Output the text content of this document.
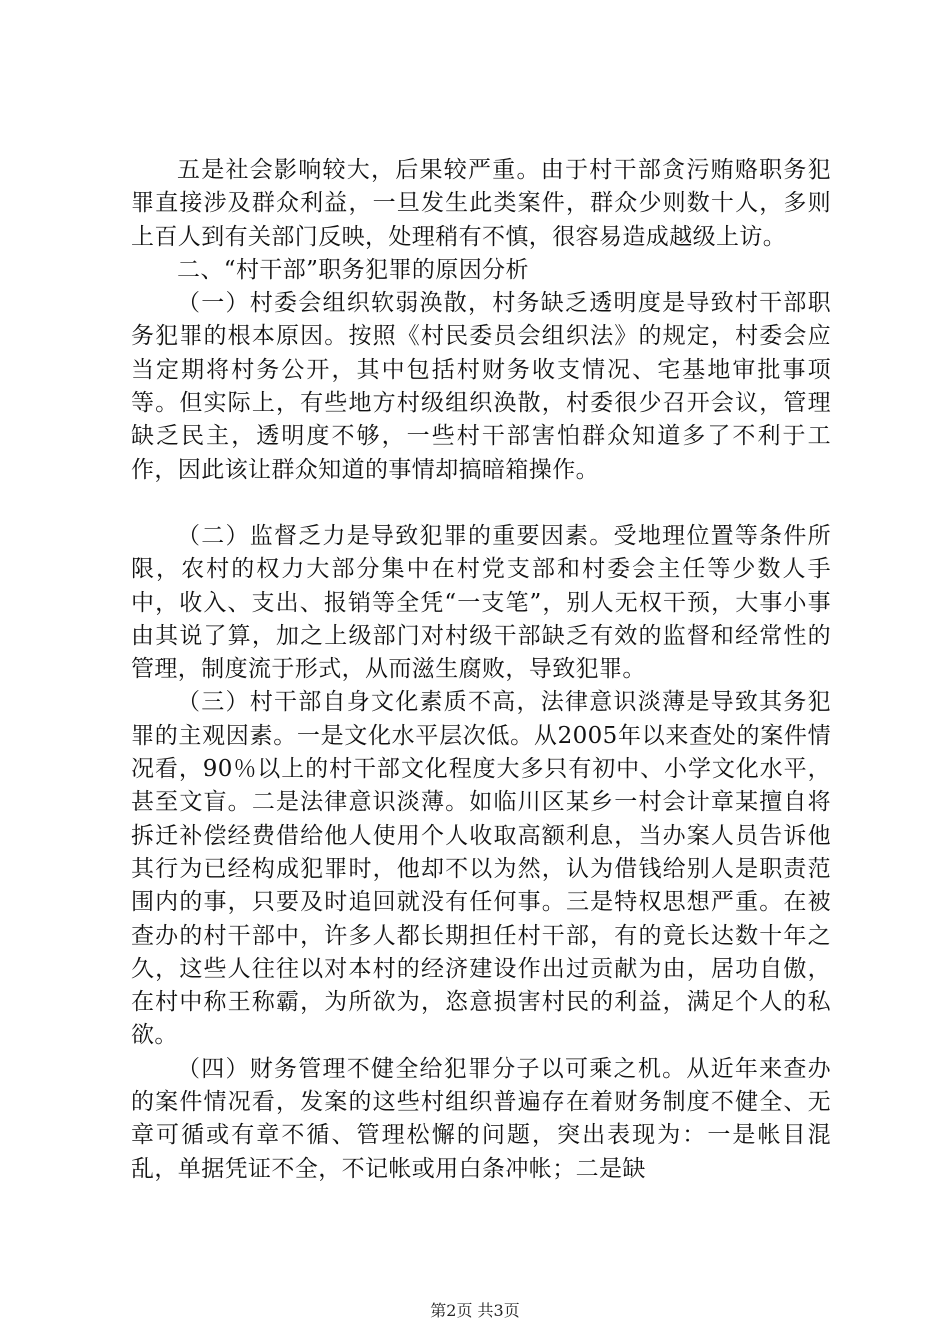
五是社会影响较大，后果较严重。由于村干部贪污贿赂职务犯罪直接涉及群众利益，一旦发生此类案件，群众少则数十人，多则上百人到有关部门反映，处理稍有不慎，很容易造成越级上访。

二、“村干部”职务犯罪的原因分析

（一）村委会组织软弱涣散，村务缺乏透明度是导致村干部职务犯罪的根本原因。按照《村民委员会组织法》的规定，村委会应当定期将村务公开，其中包括村财务收支情况、宅基地审批事项等。但实际上，有些地方村级组织涣散，村委很少召开会议，管理缺乏民主，透明度不够，一些村干部害怕群众知道多了不利于工作，因此该让群众知道的事情却搞暗箱操作。

（二）监督乏力是导致犯罪的重要因素。受地理位置等条件所限，农村的权力大部分集中在村党支部和村委会主任等少数人手中，收入、支出、报销等全凭“一支笔”，别人无权干预，大事小事由其说了算，加之上级部门对村级干部缺乏有效的监督和经常性的管理，制度流于形式，从而滋生腐败，导致犯罪。

（三）村干部自身文化素质不高，法律意识淡薄是导致其务犯罪的主观因素。一是文化水平层次低。从2005年以来查处的案件情况看，90％以上的村干部文化程度大多只有初中、小学文化水平，甚至文盲。二是法律意识淡薄。如临川区某乡一村会计章某擅自将拆迁补偿经费借给他人使用个人收取高额利息，当办案人员告诉他其行为已经构成犯罪时，他却不以为然，认为借钱给别人是职责范围内的事，只要及时追回就没有任何事。三是特权思想严重。在被查办的村干部中，许多人都长期担任村干部，有的竟长达数十年之久，这些人往往以对本村的经济建设作出过贡献为由，居功自傲，在村中称王称霸，为所欲为，恣意损害村民的利益，满足个人的私欲。

（四）财务管理不健全给犯罪分子以可乘之机。从近年来查办的案件情况看，发案的这些村组织普遍存在着财务制度不健全、无章可循或有章不循、管理松懈的问题，突出表现为：一是帐目混乱，单据凭证不全，不记帐或用白条冲帐；二是缺

第2页 共3页
